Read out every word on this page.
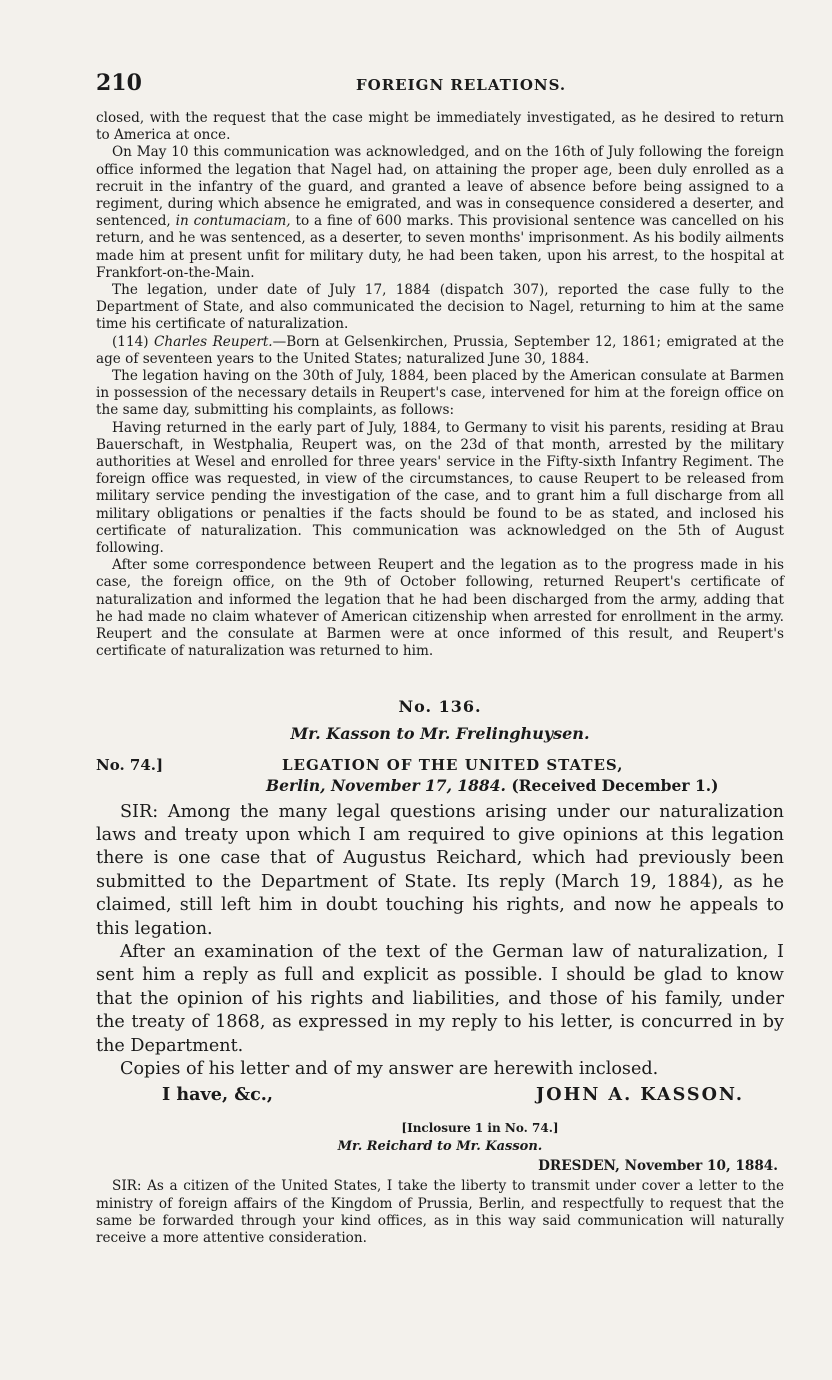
210	FOREIGN RELATIONS.

closed, with the request that the case might be immediately investigated, as he desired to return to America at once.

On May 10 this communication was acknowledged, and on the 16th of July following the foreign office informed the legation that Nagel had, on attaining the proper age, been duly enrolled as a recruit in the infantry of the guard, and granted a leave of absence before being assigned to a regiment, during which absence he emigrated, and was in consequence considered a deserter, and sentenced, in contumaciam, to a fine of 600 marks. This provisional sentence was cancelled on his return, and he was sentenced, as a deserter, to seven months' imprisonment. As his bodily ailments made him at present unfit for military duty, he had been taken, upon his arrest, to the hospital at Frankfort-on-the-Main.

The legation, under date of July 17, 1884 (dispatch 307), reported the case fully to the Department of State, and also communicated the decision to Nagel, returning to him at the same time his certificate of naturalization.

(114) Charles Reupert.—Born at Gelsenkirchen, Prussia, September 12, 1861; emigrated at the age of seventeen years to the United States; naturalized June 30, 1884.

The legation having on the 30th of July, 1884, been placed by the American consulate at Barmen in possession of the necessary details in Reupert's case, intervened for him at the foreign office on the same day, submitting his complaints, as follows:

Having returned in the early part of July, 1884, to Germany to visit his parents, residing at Brau Bauerschaft, in Westphalia, Reupert was, on the 23d of that month, arrested by the military authorities at Wesel and enrolled for three years' service in the Fifty-sixth Infantry Regiment. The foreign office was requested, in view of the circumstances, to cause Reupert to be released from military service pending the investigation of the case, and to grant him a full discharge from all military obligations or penalties if the facts should be found to be as stated, and inclosed his certificate of naturalization. This communication was acknowledged on the 5th of August following.

After some correspondence between Reupert and the legation as to the progress made in his case, the foreign office, on the 9th of October following, returned Reupert's certificate of naturalization and informed the legation that he had been discharged from the army, adding that he had made no claim whatever of American citizenship when arrested for enrollment in the army. Reupert and the consulate at Barmen were at once informed of this result, and Reupert's certificate of naturalization was returned to him.

No. 136.
Mr. Kasson to Mr. Frelinghuysen.
No. 74.]	LEGATION OF THE UNITED STATES,
Berlin, November 17, 1884. (Received December 1.)

SIR: Among the many legal questions arising under our naturalization laws and treaty upon which I am required to give opinions at this legation there is one case that of Augustus Reichard, which had previously been submitted to the Department of State. Its reply (March 19, 1884), as he claimed, still left him in doubt touching his rights, and now he appeals to this legation.

After an examination of the text of the German law of naturalization, I sent him a reply as full and explicit as possible. I should be glad to know that the opinion of his rights and liabilities, and those of his family, under the treaty of 1868, as expressed in my reply to his letter, is concurred in by the Department.

Copies of his letter and of my answer are herewith inclosed.

I have, &c.,	JOHN A. KASSON.
[Inclosure 1 in No. 74.]
Mr. Reichard to Mr. Kasson.
DRESDEN, November 10, 1884.

SIR: As a citizen of the United States, I take the liberty to transmit under cover a letter to the ministry of foreign affairs of the Kingdom of Prussia, Berlin, and respectfully to request that the same be forwarded through your kind offices, as in this way said communication will naturally receive a more attentive consideration.
